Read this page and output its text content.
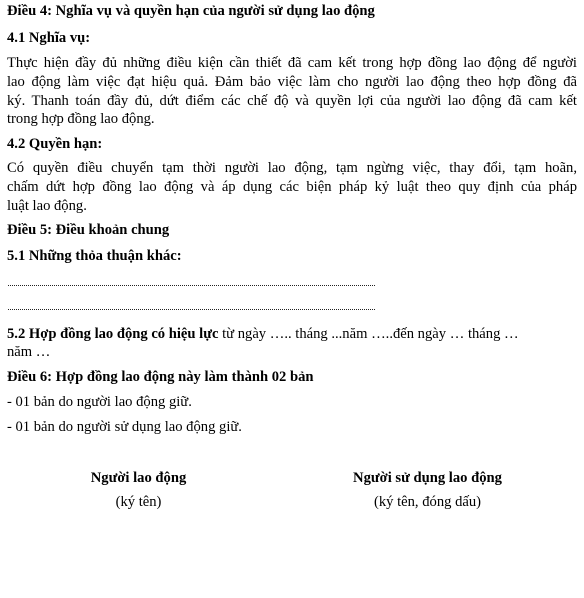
Điều 4: Nghĩa vụ và quyền hạn của người sử dụng lao động
4.1 Nghĩa vụ:
Thực hiện đầy đủ những điều kiện cần thiết đã cam kết trong hợp đồng lao động để người
lao động làm việc đạt hiệu quả. Đảm bảo việc làm cho người lao động theo hợp đồng đã
ký. Thanh toán đầy đủ, dứt điểm các chế độ và quyền lợi của người lao động đã cam kết
trong hợp đồng lao động.
4.2 Quyền hạn:
Có quyền điều chuyển tạm thời người lao động, tạm ngừng việc, thay đổi, tạm hoãn,
chấm dứt hợp đồng lao động và áp dụng các biện pháp kỷ luật theo quy định của pháp
luật lao động.
Điều 5: Điều khoản chung
5.1 Những thỏa thuận khác:
5.2 Hợp đồng lao động có hiệu lực từ ngày ….. tháng ...năm …..đến ngày … tháng …
năm …
Điều 6: Hợp đồng lao động này làm thành 02 bản
- 01 bản do người lao động giữ.
- 01 bản do người sử dụng lao động giữ.
Người lao động
(ký tên)
Người sử dụng lao động
(ký tên, đóng dấu)
